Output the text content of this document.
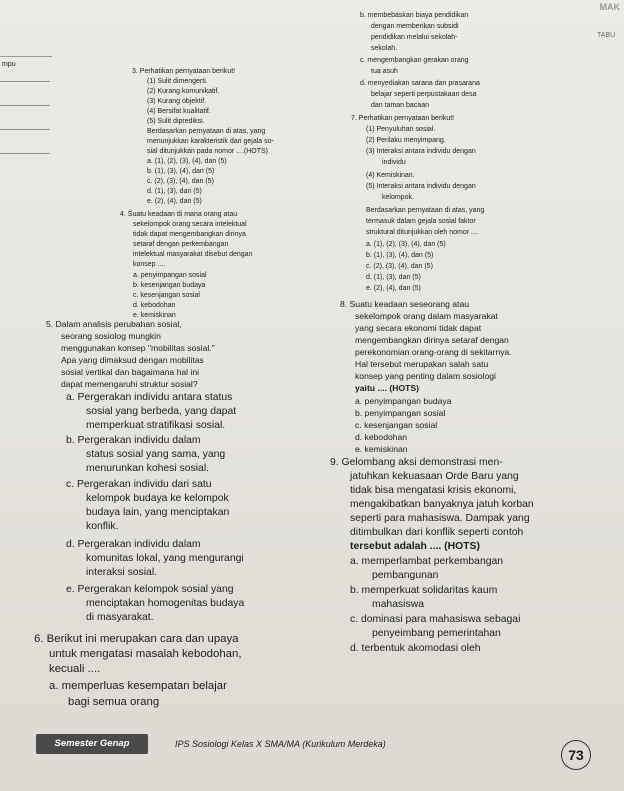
MAK
TABU
mpu
b. membebaskan biaya pendidikan
dengan memberikan subsidi
pendidikan melalui sekolah-
sekolah.
c. mengembangkan gerakan orang
tua asuh
d. menyediakan sarana dan prasarana
belajar seperti perpustakaan desa
dan taman bacaan
7. Perhatikan pernyataan berikut!
(1) Penyuluhan sosial.
(2) Perilaku menyimpang.
(3) Interaksi antara individu dengan
individu
(4) Kemiskinan.
(5) Interaksi antara individu dengan
kelompok.
Berdasarkan pernyataan di atas, yang
termasuk dalam gejala sosial faktor
struktural ditunjukkan oleh nomor ....
a. (1), (2), (3), (4), dan (5)
b. (1), (3), (4), dan (5)
c. (2), (3), (4), dan (5)
d. (1), (3), dan (5)
e. (2), (4), dan (5)
3. Perhatikan pernyataan berikut!
(1) Sulit dimengerti.
(2) Kurang komunikatif.
(3) Kurang objektif.
(4) Bersifat kualitatif.
(5) Sulit diprediksi.
Berdasarkan pernyataan di atas, yang
menunjukkan karakteristik dari gejala so-
sial ditunjukkan pada nomor ....(HOTS)
a. (1), (2), (3), (4), dan (5)
b. (1), (3), (4), dan (5)
c. (2), (3), (4), dan (5)
d. (1), (3), dan (5)
e. (2), (4), dan (5)
4. Suatu keadaan di mana orang atau
sekelompok orang secara intelektual
tidak dapat mengembangkan dirinya
setaraf dengan perkembangan
intelektual masyarakat disebut dengan
konsep ....
a. penyimpangan sosial
b. kesenjangan budaya
c. kesenjangan sosial
d. kebodohan
e. kemiskinan
5. Dalam analisis perubahan sosial,
seorang sosiolog mungkin
menggunakan konsep "mobilitas sosial."
Apa yang dimaksud dengan mobilitas
sosial vertikal dan bagaimana hal ini
dapat memengaruhi struktur sosial?
a. Pergerakan individu antara status
sosial yang berbeda, yang dapat
memperkuat stratifikasi sosial.
b. Pergerakan individu dalam
status sosial yang sama, yang
menurunkan kohesi sosial.
c. Pergerakan individu dari satu
kelompok budaya ke kelompok
budaya lain, yang menciptakan
konflik.
d. Pergerakan individu dalam
komunitas lokal, yang mengurangi
interaksi sosial.
e. Pergerakan kelompok sosial yang
menciptakan homogenitas budaya
di masyarakat.
6. Berikut ini merupakan cara dan upaya
untuk mengatasi masalah kebodohan,
kecuali ....
a. memperluas kesempatan belajar
bagi semua orang
8. Suatu keadaan seseorang atau
sekelompok orang dalam masyarakat
yang secara ekonomi tidak dapat
mengembangkan dirinya setaraf dengan
perekonomian orang-orang di sekitarnya.
Hal tersebut merupakan salah satu
konsep yang penting dalam sosiologi
yaitu .... (HOTS)
a. penyimpangan budaya
b. penyimpangan sosial
c. kesenjangan sosial
d. kebodohan
e. kemiskinan
9. Gelombang aksi demonstrasi men-
jatuhkan kekuasaan Orde Baru yang
tidak bisa mengatasi krisis ekonomi,
mengakibatkan banyaknya jatuh korban
seperti para mahasiswa. Dampak yang
ditimbulkan dari konflik seperti contoh
tersebut adalah .... (HOTS)
a. memperlambat perkembangan
pembangunan
b. memperkuat solidaritas kaum
mahasiswa
c. dominasi para mahasiswa sebagai
penyeimbang pemerintahan
d. terbentuk akomodasi oleh
Semester Genap	IPS Sosiologi Kelas X SMA/MA (Kurikulum Merdeka)
73
